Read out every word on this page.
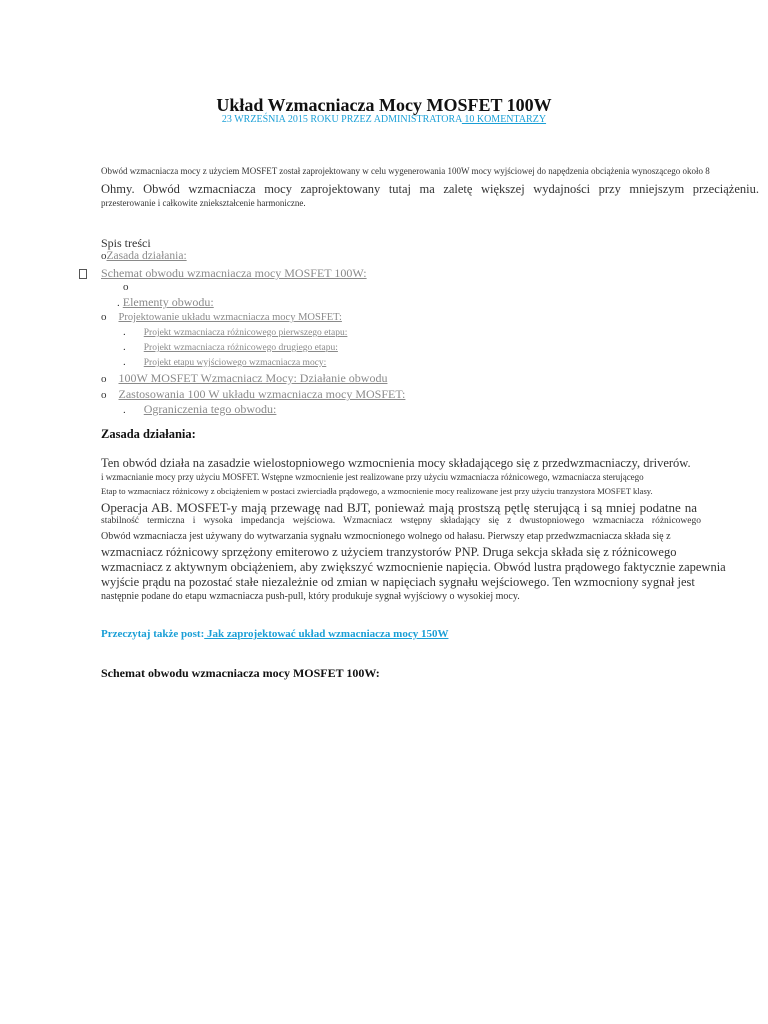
Układ Wzmacniacza Mocy MOSFET 100W
23 WRZEŚNIA 2015 ROKU PRZEZ ADMINISTRATORA 10 KOMENTARZY
Obwód wzmacniacza mocy z użyciem MOSFET został zaprojektowany w celu wygenerowania 100W mocy wyjściowej do napędzenia obciążenia wynoszącego około 8
Ohmy. Obwód wzmacniacza mocy zaprojektowany tutaj ma zaletę większej wydajności przy mniejszym przeciążeniu.
przesterowanie i całkowite zniekształcenie harmoniczne.
Spis treści
oZasada działania:
Schemat obwodu wzmacniacza mocy MOSFET 100W:
o
. Elementy obwodu:
o Projektowanie układu wzmacniacza mocy MOSFET:
. Projekt wzmacniacza różnicowego pierwszego etapu:
. Projekt wzmacniacza różnicowego drugiego etapu:
. Projekt etapu wyjściowego wzmacniacza mocy:
o 100W MOSFET Wzmacniacz Mocy: Działanie obwodu
o Zastosowania 100 W układu wzmacniacza mocy MOSFET:
. Ograniczenia tego obwodu:
Zasada działania:
Ten obwód działa na zasadzie wielostopniowego wzmocnienia mocy składającego się z przedwzmacniaczy, driverów.
i wzmacnianie mocy przy użyciu MOSFET. Wstępne wzmocnienie jest realizowane przy użyciu wzmacniacza różnicowego, wzmacniacza sterującego
Etap to wzmacniacz różnicowy z obciążeniem w postaci zwierciadła prądowego, a wzmocnienie mocy realizowane jest przy użyciu tranzystora MOSFET klasy.
Operacja AB. MOSFET-y mają przewagę nad BJT, ponieważ mają prostszą pętlę sterującą i są mniej podatne na
stabilność termiczna i wysoka impedancja wejściowa. Wzmacniacz wstępny składający się z dwustopniowego wzmacniacza różnicowego
Obwód wzmacniacza jest używany do wytwarzania sygnału wzmocnionego wolnego od hałasu. Pierwszy etap przedwzmacniacza składa się z
wzmacniacz różnicowy sprzężony emiterowo z użyciem tranzystorów PNP. Druga sekcja składa się z różnicowego
wzmacniacz z aktywnym obciążeniem, aby zwiększyć wzmocnienie napięcia. Obwód lustra prądowego faktycznie zapewnia
wyjście prądu na pozostać stałe niezależnie od zmian w napięciach sygnału wejściowego. Ten wzmocniony sygnał jest
następnie podane do etapu wzmacniacza push-pull, który produkuje sygnał wyjściowy o wysokiej mocy.
Przeczytaj także post: Jak zaprojektować układ wzmacniacza mocy 150W
Schemat obwodu wzmacniacza mocy MOSFET 100W:
